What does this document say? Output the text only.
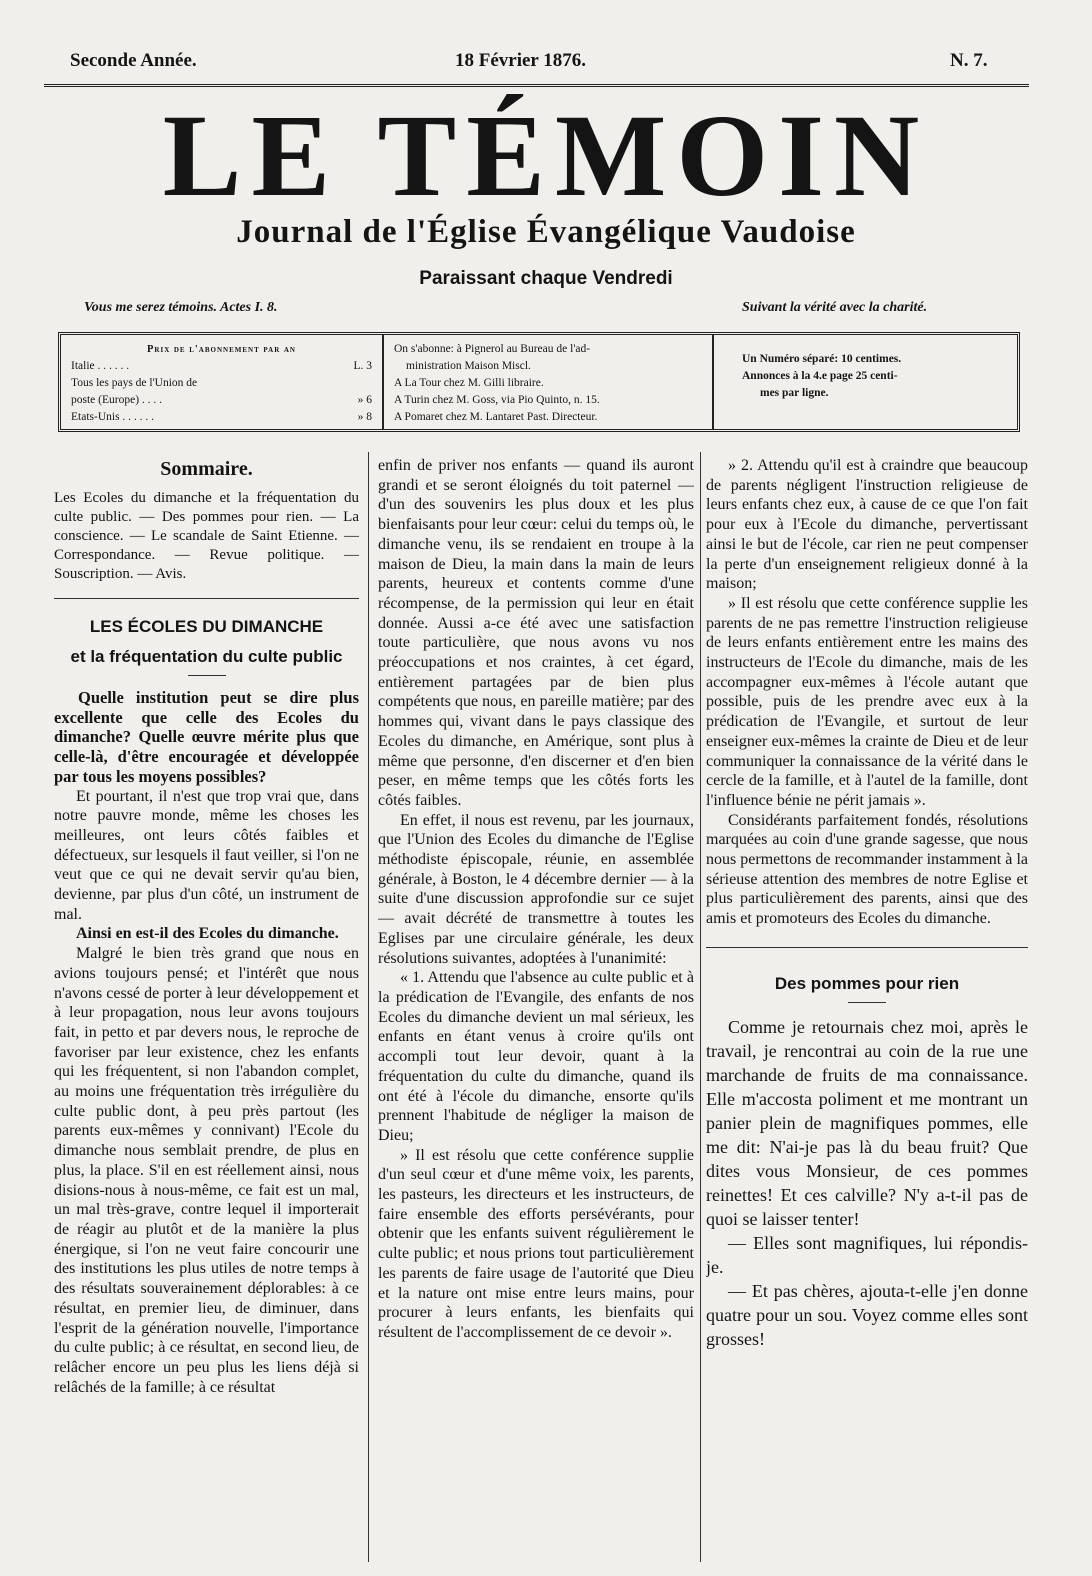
Seconde Année.	18 Février 1876.	N. 7.
LE TÉMOIN
Journal de l'Église Évangélique Vaudoise
Paraissant chaque Vendredi
Vous me serez témoins. Actes I. 8.	Suivant la vérité avec la charité.
Prix de l'abonnement par an
Italie . . . . . .	L. 3
Tous les pays de l'Union de
poste (Europe) . . . .	» 6
Etats-Unis . . . . . .	» 8
On s'abonne: à Pignerol au Bureau de l'ad-
ministration Maison Miscl.
A La Tour chez M. Gilli libraire.
A Turin chez M. Goss, via Pio Quinto, n. 15.
A Pomaret chez M. Lantaret Past. Directeur.
Un Numéro séparé: 10 centimes.
Annonces à la 4.e page 25 centi-
mes par ligne.
Sommaire.

Les Ecoles du dimanche et la fréquentation du culte public. — Des pommes pour rien. — La conscience. — Le scandale de Saint Etienne. — Correspondance. — Revue politique. — Souscription. — Avis.

LES ÉCOLES DU DIMANCHE
et la fréquentation du culte public

Quelle institution peut se dire plus excellente que celle des Ecoles du dimanche? Quelle œuvre mérite plus que celle-là, d'être encouragée et développée par tous les moyens possibles?

Et pourtant, il n'est que trop vrai que, dans notre pauvre monde, même les choses les meilleures, ont leurs côtés faibles et défectueux, sur lesquels il faut veiller, si l'on ne veut que ce qui ne devait servir qu'au bien, devienne, par plus d'un côté, un instrument de mal.

Ainsi en est-il des Ecoles du dimanche.

Malgré le bien très grand que nous en avions toujours pensé; et l'intérêt que nous n'avons cessé de porter à leur développement et à leur propagation, nous leur avons toujours fait, in petto et par devers nous, le reproche de favoriser par leur existence, chez les enfants qui les fréquentent, si non l'abandon complet, au moins une fréquentation très irrégulière du culte public dont, à peu près partout (les parents eux-mêmes y connivant) l'Ecole du dimanche nous semblait prendre, de plus en plus, la place. S'il en est réellement ainsi, nous disions-nous à nous-même, ce fait est un mal, un mal très-grave, contre lequel il importerait de réagir au plutôt et de la manière la plus énergique, si l'on ne veut faire concourir une des institutions les plus utiles de notre temps à des résultats souverainement déplorables: à ce résultat, en premier lieu, de diminuer, dans l'esprit de la génération nouvelle, l'importance du culte public; à ce résultat, en second lieu, de relâcher encore un peu plus les liens déjà si relâchés de la famille; à ce résultat

enfin de priver nos enfants — quand ils auront grandi et se seront éloignés du toit paternel — d'un des souvenirs les plus doux et les plus bienfaisants pour leur cœur: celui du temps où, le dimanche venu, ils se rendaient en troupe à la maison de Dieu, la main dans la main de leurs parents, heureux et contents comme d'une récompense, de la permission qui leur en était donnée. Aussi a-ce été avec une satisfaction toute particulière, que nous avons vu nos préoccupations et nos craintes, à cet égard, entièrement partagées par de bien plus compétents que nous, en pareille matière; par des hommes qui, vivant dans le pays classique des Ecoles du dimanche, en Amérique, sont plus à même que personne, d'en discerner et d'en bien peser, en même temps que les côtés forts les côtés faibles.

En effet, il nous est revenu, par les journaux, que l'Union des Ecoles du dimanche de l'Eglise méthodiste épiscopale, réunie, en assemblée générale, à Boston, le 4 décembre dernier — à la suite d'une discussion approfondie sur ce sujet — avait décrété de transmettre à toutes les Eglises par une circulaire générale, les deux résolutions suivantes, adoptées à l'unanimité:

« 1. Attendu que l'absence au culte public et à la prédication de l'Evangile, des enfants de nos Ecoles du dimanche devient un mal sérieux, les enfants en étant venus à croire qu'ils ont accompli tout leur devoir, quant à la fréquentation du culte du dimanche, quand ils ont été à l'école du dimanche, ensorte qu'ils prennent l'habitude de négliger la maison de Dieu;

» Il est résolu que cette conférence supplie d'un seul cœur et d'une même voix, les parents, les pasteurs, les directeurs et les instructeurs, de faire ensemble des efforts persévérants, pour obtenir que les enfants suivent régulièrement le culte public; et nous prions tout particulièrement les parents de faire usage de l'autorité que Dieu et la nature ont mise entre leurs mains, pour procurer à leurs enfants, les bienfaits qui résultent de l'accomplissement de ce devoir ».

» 2. Attendu qu'il est à craindre que beaucoup de parents négligent l'instruction religieuse de leurs enfants chez eux, à cause de ce que l'on fait pour eux à l'Ecole du dimanche, pervertissant ainsi le but de l'école, car rien ne peut compenser la perte d'un enseignement religieux donné à la maison;

» Il est résolu que cette conférence supplie les parents de ne pas remettre l'instruction religieuse de leurs enfants entièrement entre les mains des instructeurs de l'Ecole du dimanche, mais de les accompagner eux-mêmes à l'école autant que possible, puis de les prendre avec eux à la prédication de l'Evangile, et surtout de leur enseigner eux-mêmes la crainte de Dieu et de leur communiquer la connaissance de la vérité dans le cercle de la famille, et à l'autel de la famille, dont l'influence bénie ne périt jamais ».

Considérants parfaitement fondés, résolutions marquées au coin d'une grande sagesse, que nous nous permettons de recommander instamment à la sérieuse attention des membres de notre Eglise et plus particulièrement des parents, ainsi que des amis et promoteurs des Ecoles du dimanche.

Des pommes pour rien

Comme je retournais chez moi, après le travail, je rencontrai au coin de la rue une marchande de fruits de ma connaissance. Elle m'accosta poliment et me montrant un panier plein de magnifiques pommes, elle me dit: N'ai-je pas là du beau fruit? Que dites vous Monsieur, de ces pommes reinettes! Et ces calville? N'y a-t-il pas de quoi se laisser tenter!

— Elles sont magnifiques, lui répondis-je.

— Et pas chères, ajouta-t-elle j'en donne quatre pour un sou. Voyez comme elles sont grosses!
